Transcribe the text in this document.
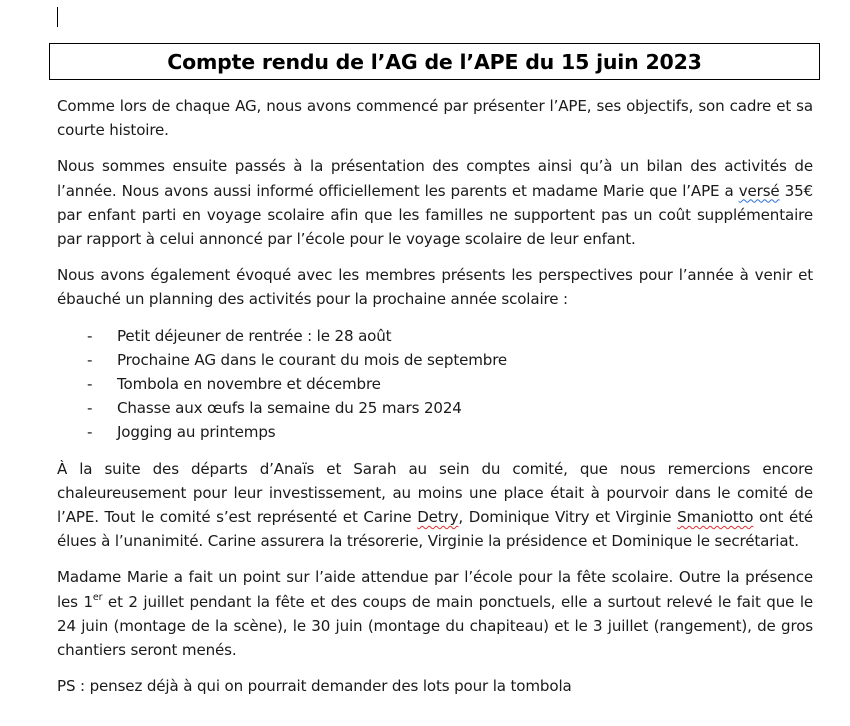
Compte rendu de l’AG de l’APE du 15 juin 2023

Comme lors de chaque AG, nous avons commencé par présenter l’APE, ses objectifs, son cadre et sa courte histoire.

Nous sommes ensuite passés à la présentation des comptes ainsi qu’à un bilan des activités de l’année. Nous avons aussi informé officiellement les parents et madame Marie que l’APE a versé 35€ par enfant parti en voyage scolaire afin que les familles ne supportent pas un coût supplémentaire par rapport à celui annoncé par l’école pour le voyage scolaire de leur enfant.

Nous avons également évoqué avec les membres présents les perspectives pour l’année à venir et ébauché un planning des activités pour la prochaine année scolaire :

- Petit déjeuner de rentrée : le 28 août
- Prochaine AG dans le courant du mois de septembre
- Tombola en novembre et décembre
- Chasse aux œufs la semaine du 25 mars 2024
- Jogging au printemps

À la suite des départs d’Anaïs et Sarah au sein du comité, que nous remercions encore chaleureusement pour leur investissement, au moins une place était à pourvoir dans le comité de l’APE. Tout le comité s’est représenté et Carine Detry, Dominique Vitry et Virginie Smaniotto ont été élues à l’unanimité. Carine assurera la trésorerie, Virginie la présidence et Dominique le secrétariat.

Madame Marie a fait un point sur l’aide attendue par l’école pour la fête scolaire. Outre la présence les 1er et 2 juillet pendant la fête et des coups de main ponctuels, elle a surtout relevé le fait que le 24 juin (montage de la scène), le 30 juin (montage du chapiteau) et le 3 juillet (rangement), de gros chantiers seront menés.

PS : pensez déjà à qui on pourrait demander des lots pour la tombola
